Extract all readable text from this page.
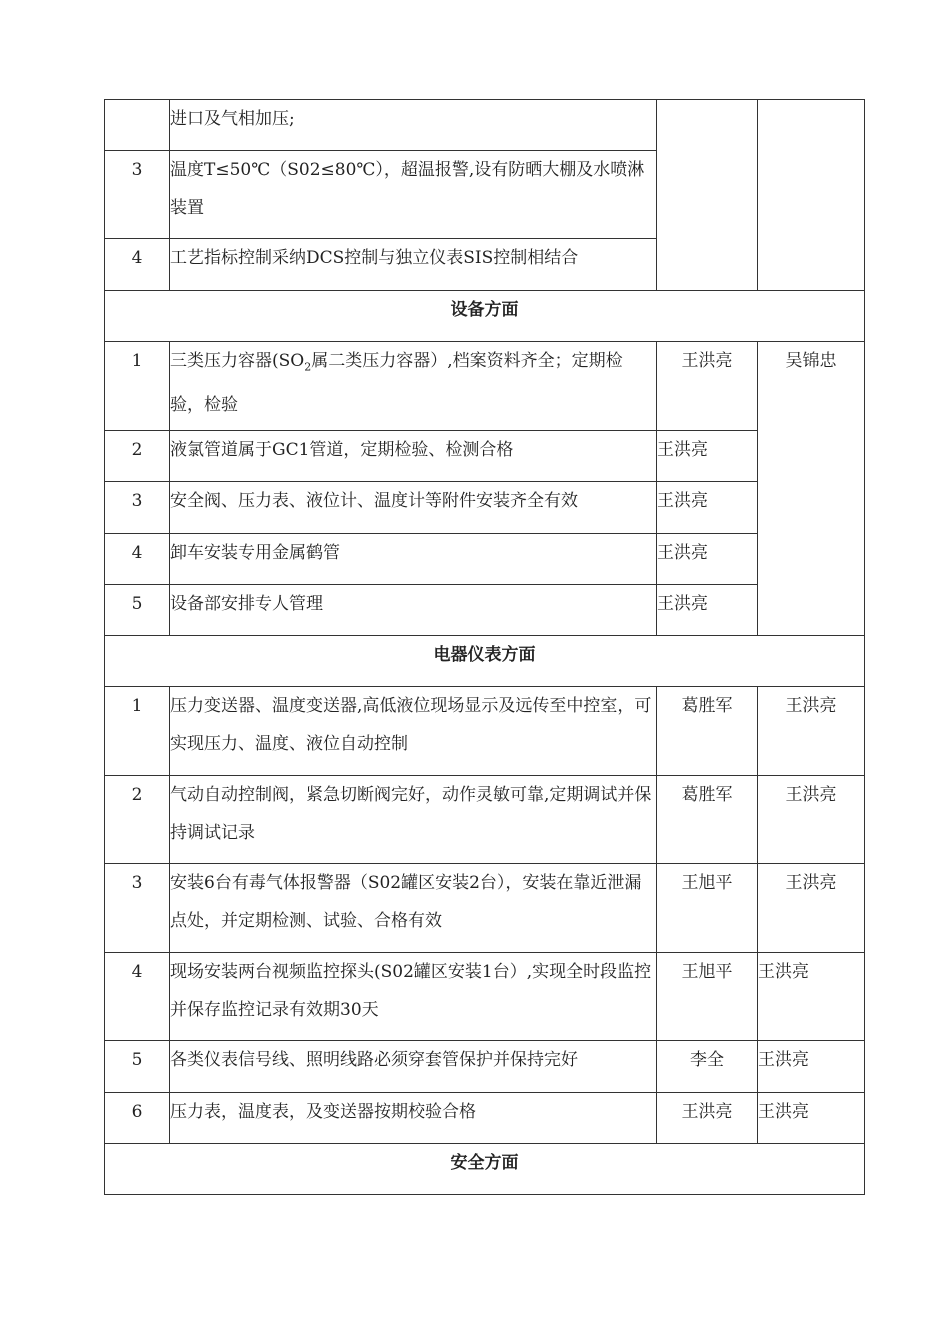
	进口及气相加压;		
3	温度T≤50℃（S02≤80℃），超温报警,设有防晒大棚及水喷淋装置		
4	工艺指标控制采纳DCS控制与独立仪表SIS控制相结合		
设备方面			
1	三类压力容器($SO_2$属二类压力容器）,档案资料齐全；定期检验，检验	王洪亮	吴锦忠
2	液氯管道属于GC1管道，定期检验、检测合格	王洪亮	
3	安全阀、压力表、液位计、温度计等附件安装齐全有效	王洪亮	
4	卸车安装专用金属鹤管	王洪亮	
5	设备部安排专人管理	王洪亮	
电器仪表方面			
1	压力变送器、温度变送器,高低液位现场显示及远传至中控室，可实现压力、温度、液位自动控制	葛胜军	王洪亮
2	气动自动控制阀，紧急切断阀完好，动作灵敏可靠,定期调试并保持调试记录	葛胜军	王洪亮
3	安装6台有毒气体报警器（S02罐区安装2台），安装在靠近泄漏点处，并定期检测、试验、合格有效	王旭平	王洪亮
4	现场安装两台视频监控探头(S02罐区安装1台）,实现全时段监控并保存监控记录有效期30天	王旭平	王洪亮
5	各类仪表信号线、照明线路必须穿套管保护并保持完好	李全	王洪亮
6	压力表，温度表，及变送器按期校验合格	王洪亮	王洪亮
安全方面			
